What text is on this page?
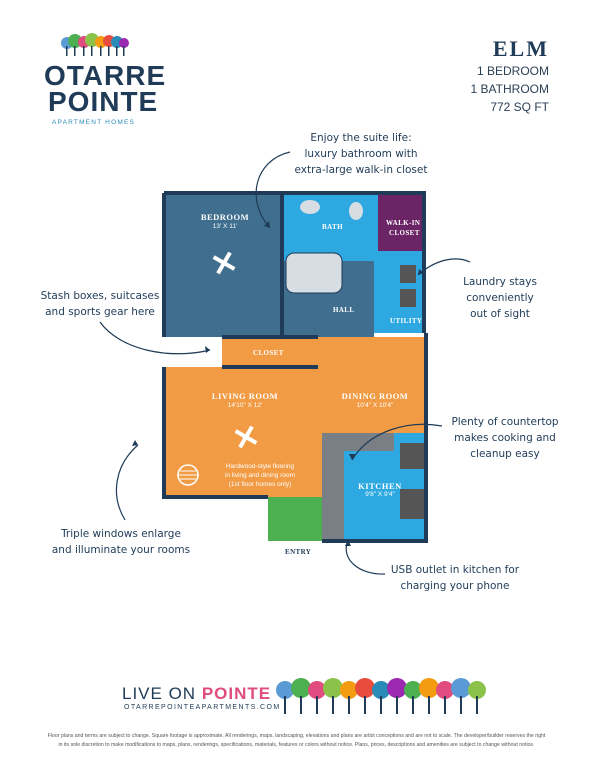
OTARRE
POINTE
APARTMENT HOMES
ELM
1 BEDROOM
1 BATHROOM
772 SQ FT
BEDROOM
13' X 11'	BATH	WALK-IN
CLOSET
HALL
UTILITY
CLOSET
LIVING ROOM
14'10" X 12'
DINING ROOM
10'4" X 10'4"
KITCHEN
9'8" X 9'4"
ENTRY
Hardwood-style flooring
in living and dining room
(1st floor homes only)
Enjoy the suite life:
luxury bathroom with
extra-large walk-in closet
Stash boxes, suitcases
and sports gear here
Laundry stays
conveniently
out of sight
Plenty of countertop
makes cooking and
cleanup easy
Triple windows enlarge
and illuminate your rooms
USB outlet in kitchen for
charging your phone
LIVE ON POINTE
OTARREPOINTEAPARTMENTS.COM
Floor plans and terms are subject to change. Square footage is approximate. All renderings, maps, landscaping, elevations and plans are artist conceptions and are not to scale. The developer/builder reserves the right
in its sole discretion to make modifications to maps, plans, renderings, specifications, materials, features or colors without notice. Plans, prices, descriptions and amenities are subject to change without notice.
